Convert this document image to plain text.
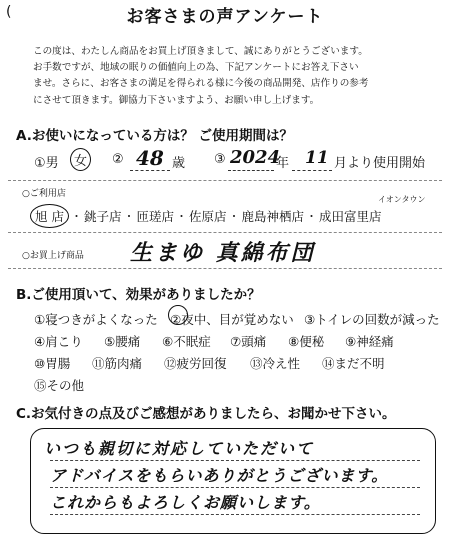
(	お客さまの声アンケート
この度は、わたしん商品をお買上げ頂きまして、誠にありがとうございます。
お手数ですが、地域の眠りの価値向上の為、下記アンケートにお答え下さい
ませ。さらに、お客さまの満足を得られる様に今後の商品開発、店作りの参考
にさせて頂きます。御協力下さいますよう、お願い申し上げます。
A.お使いになっている方は？ ご使用期間は？
①男	女	② 48 歳 ③ 2024
年 11 月より使用開始
○ご利用店
イオンタウン
旭 店 ・ 銚子店 ・ 匝瑳店 ・ 佐原店 ・ 鹿島神栖店 ・ 成田富里店
○お買上げ商品 生まゆ 真綿布団
B.ご使用頂いて、効果がありましたか？
①寝つきがよくなった ②夜中、目が覚めない ③トイレの回数が減った
④肩こり ⑤腰痛 ⑥不眠症 ⑦頭痛 ⑧便秘 ⑨神経痛
⑩胃腸 ⑪筋肉痛 ⑫疲労回復 ⑬冷え性 ⑭まだ不明
⑮その他
C.お気付きの点及びご感想がありましたら、お聞かせ下さい。
いつも親切に対応していただいて
アドバイスをもらいありがとうございます。
これからもよろしくお願いします。
